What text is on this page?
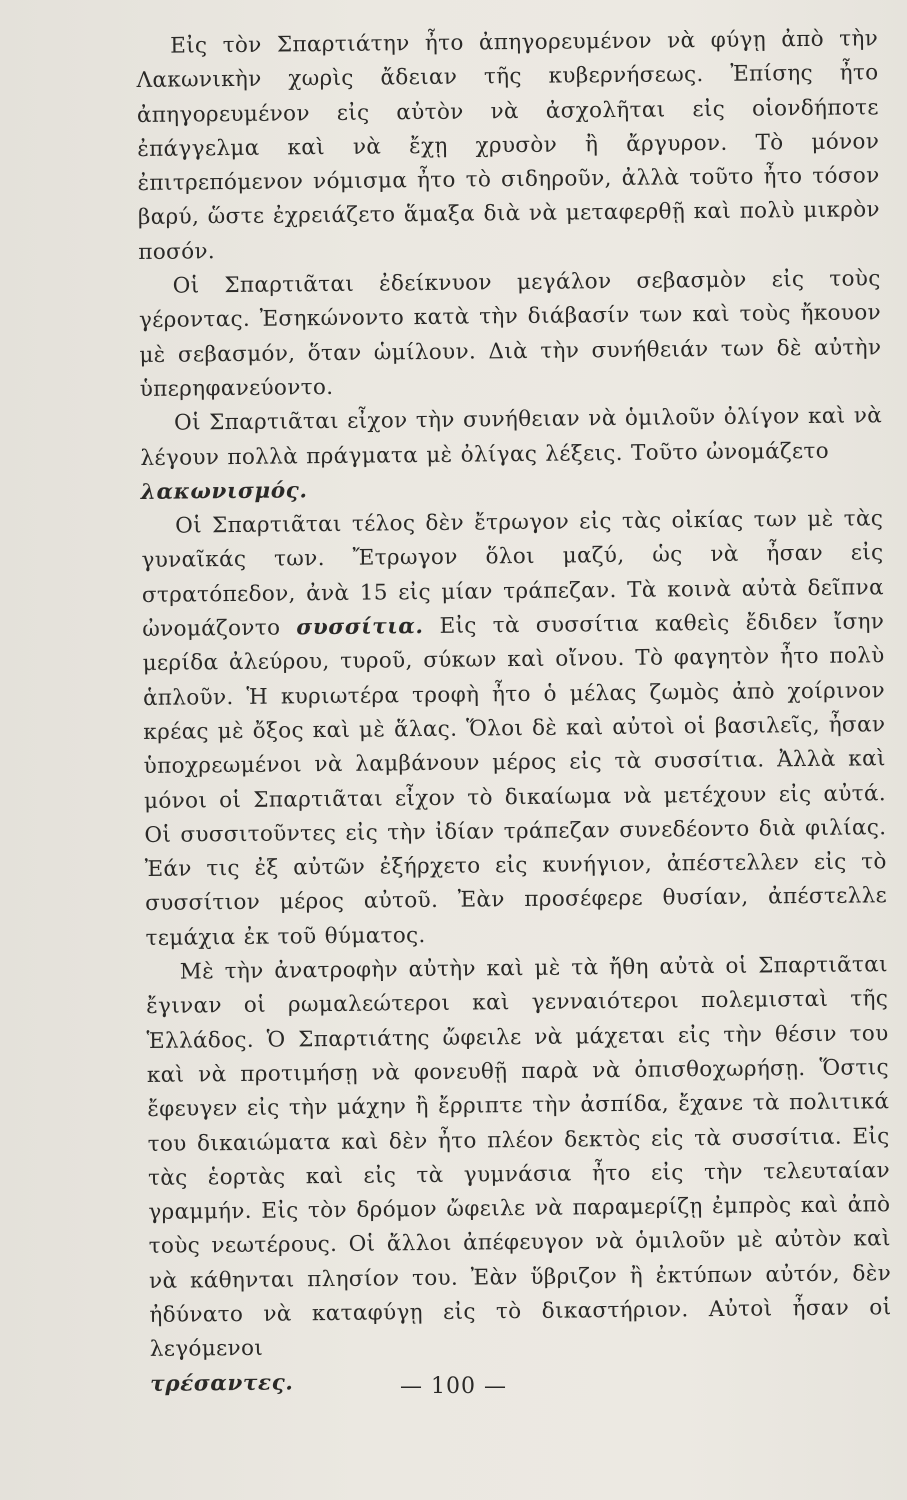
Εἰς τὸν Σπαρτιάτην ἦτο ἀπηγορευμένον νὰ φύγῃ ἀπὸ τὴν Λακωνικὴν χωρὶς ἄδειαν τῆς κυβερνήσεως. Ἐπίσης ἦτο ἀπηγορευμένον εἰς αὐτὸν νὰ ἀσχολῆται εἰς οἱονδήποτε ἐπάγγελμα καὶ νὰ ἔχῃ χρυσὸν ἢ ἄργυρον. Τὸ μόνον ἐπιτρεπόμενον νόμισμα ἦτο τὸ σιδηροῦν, ἀλλὰ τοῦτο ἦτο τόσον βαρύ, ὥστε ἐχρειάζετο ἅμαξα διὰ νὰ μεταφερθῇ καὶ πολὺ μικρὸν ποσόν.

Οἱ Σπαρτιᾶται ἐδείκνυον μεγάλον σεβασμὸν εἰς τοὺς γέροντας. Ἐσηκώνοντο κατὰ τὴν διάβασίν των καὶ τοὺς ἤκουον μὲ σεβασμόν, ὅταν ὡμίλουν. Διὰ τὴν συνήθειάν των δὲ αὐτὴν ὑπερηφανεύοντο.

Οἱ Σπαρτιᾶται εἶχον τὴν συνήθειαν νὰ ὁμιλοῦν ὀλίγον καὶ νὰ λέγουν πολλὰ πράγματα μὲ ὀλίγας λέξεις. Τοῦτο ὠνομάζετο
λακωνισμός.

Οἱ Σπαρτιᾶται τέλος δὲν ἔτρωγον εἰς τὰς οἰκίας των μὲ τὰς γυναῖκάς των. Ἔτρωγον ὅλοι μαζύ, ὡς νὰ ἦσαν εἰς στρατόπεδον, ἀνὰ 15 εἰς μίαν τράπεζαν. Τὰ κοινὰ αὐτὰ δεῖπνα ὠνομάζοντο συσσίτια. Εἰς τὰ συσσίτια καθεὶς ἔδιδεν ἴσην μερίδα ἀλεύρου, τυροῦ, σύκων καὶ οἴνου. Τὸ φαγητὸν ἦτο πολὺ ἁπλοῦν. Ἡ κυριωτέρα τροφὴ ἦτο ὁ μέλας ζωμὸς ἀπὸ χοίρινον κρέας μὲ ὄξος καὶ μὲ ἅλας. Ὅλοι δὲ καὶ αὐτοὶ οἱ βασιλεῖς, ἦσαν ὑποχρεωμένοι νὰ λαμβάνουν μέρος εἰς τὰ συσσίτια. Ἀλλὰ καὶ μόνοι οἱ Σπαρτιᾶται εἶχον τὸ δικαίωμα νὰ μετέχουν εἰς αὐτά. Οἱ συσσιτοῦντες εἰς τὴν ἰδίαν τράπεζαν συνεδέοντο διὰ φιλίας. Ἐάν τις ἐξ αὐτῶν ἐξήρχετο εἰς κυνήγιον, ἀπέστελλεν εἰς τὸ συσσίτιον μέρος αὐτοῦ. Ἐὰν προσέφερε θυσίαν, ἀπέστελλε τεμάχια ἐκ τοῦ θύματος.

Μὲ τὴν ἀνατροφὴν αὐτὴν καὶ μὲ τὰ ἤθη αὐτὰ οἱ Σπαρτιᾶται ἔγιναν οἱ ρωμαλεώτεροι καὶ γενναιότεροι πολεμισταὶ τῆς Ἑλλάδος. Ὁ Σπαρτιάτης ὤφειλε νὰ μάχεται εἰς τὴν θέσιν του καὶ νὰ προτιμήσῃ νὰ φονευθῇ παρὰ νὰ ὀπισθοχωρήσῃ. Ὅστις ἔφευγεν εἰς τὴν μάχην ἢ ἔρριπτε τὴν ἀσπίδα, ἔχανε τὰ πολιτικά του δικαιώματα καὶ δὲν ἦτο πλέον δεκτὸς εἰς τὰ συσσίτια. Εἰς τὰς ἑορτὰς καὶ εἰς τὰ γυμνάσια ἦτο εἰς τὴν τελευταίαν γραμμήν. Εἰς τὸν δρόμον ὤφειλε νὰ παραμερίζῃ ἐμπρὸς καὶ ἀπὸ τοὺς νεωτέρους. Οἱ ἄλλοι ἀπέφευγον νὰ ὁμιλοῦν μὲ αὐτὸν καὶ νὰ κάθηνται πλησίον του. Ἐὰν ὕβριζον ἢ ἐκτύπων αὐτόν, δὲν ἠδύνατο νὰ καταφύγῃ εἰς τὸ δικαστήριον. Αὐτοὶ ἦσαν οἱ λεγόμενοι
τρέσαντες.	— 100 —
